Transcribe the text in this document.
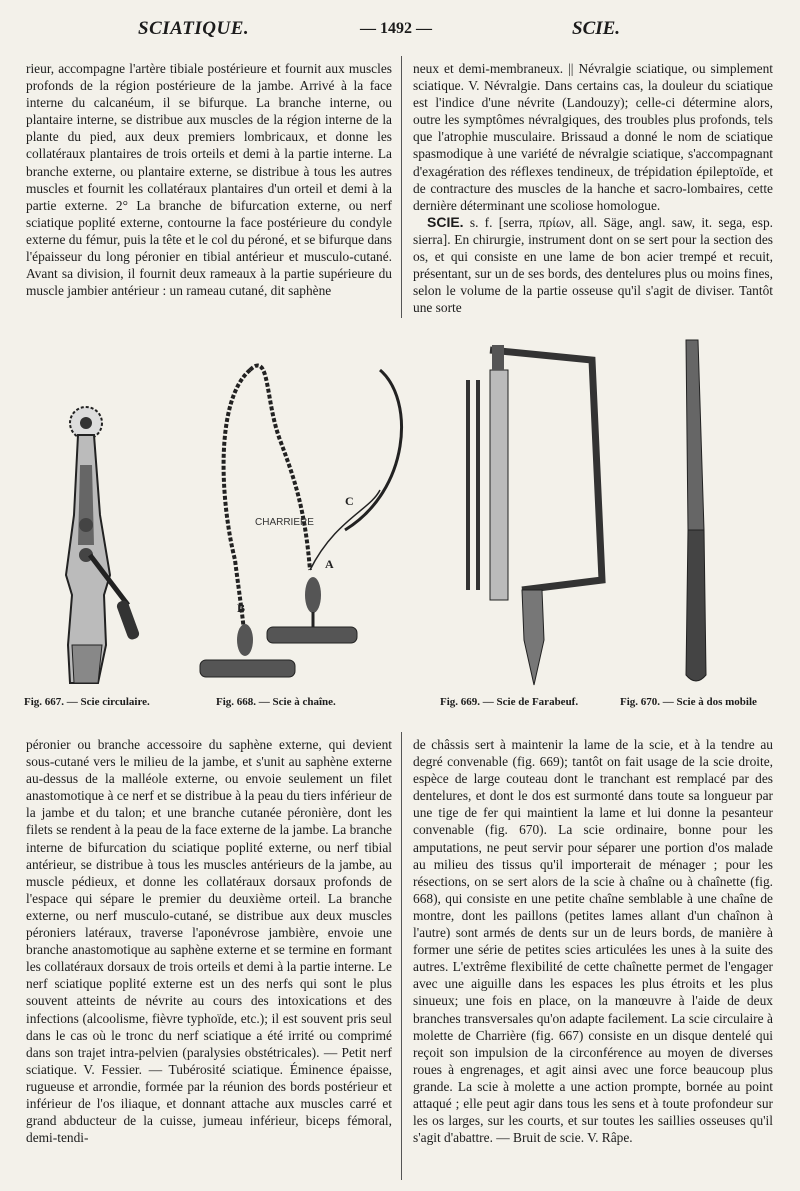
SCIATIQUE.	— 1492 —	SCIE.

rieur, accompagne l'artère tibiale postérieure et fournit aux muscles profonds de la région postérieure de la jambe. Arrivé à la face interne du calcanéum, il se bifurque. La branche interne, ou plantaire interne, se distribue aux muscles de la région interne de la plante du pied, aux deux premiers lombricaux, et donne les collatéraux plantaires de trois orteils et demi à la partie interne. La branche externe, ou plantaire externe, se distribue à tous les autres muscles et fournit les collatéraux plantaires d'un orteil et demi à la partie externe. 2° La branche de bifurcation externe, ou nerf sciatique poplité externe, contourne la face postérieure du condyle externe du fémur, puis la tête et le col du péroné, et se bifurque dans l'épaisseur du long péronier en tibial antérieur et musculo-cutané. Avant sa division, il fournit deux rameaux à la partie supérieure du muscle jambier antérieur : un rameau cutané, dit saphène

neux et demi-membraneux. || Névralgie sciatique, ou simplement sciatique. V. Névralgie. Dans certains cas, la douleur du sciatique est l'indice d'une névrite (Landouzy); celle-ci détermine alors, outre les symptômes névralgiques, des troubles plus profonds, tels que l'atrophie musculaire. Brissaud a donné le nom de sciatique spasmodique à une variété de névralgie sciatique, s'accompagnant d'exagération des réflexes tendineux, de trépidation épileptoïde, et de contracture des muscles de la hanche et sacro-lombaires, cette dernière déterminant une scoliose homologue.

SCIE. s. f. [serra, πρίων, all. Säge, angl. saw, it. sega, esp. sierra]. En chirurgie, instrument dont on se sert pour la section des os, et qui consiste en une lame de bon acier trempé et recuit, présentant, sur un de ses bords, des dentelures plus ou moins fines, selon le volume de la partie osseuse qu'il s'agit de diviser. Tantôt une sorte

CHARRIERE
A
B
C
Fig. 667. — Scie circulaire.	Fig. 668. — Scie à chaîne.	Fig. 669. — Scie de Farabeuf.	Fig. 670. — Scie à dos mobile

péronier ou branche accessoire du saphène externe, qui devient sous-cutané vers le milieu de la jambe, et s'unit au saphène externe au-dessus de la malléole externe, ou envoie seulement un filet anastomotique à ce nerf et se distribue à la peau du tiers inférieur de la jambe et du talon; et une branche cutanée péronière, dont les filets se rendent à la peau de la face externe de la jambe. La branche interne de bifurcation du sciatique poplité externe, ou nerf tibial antérieur, se distribue à tous les muscles antérieurs de la jambe, au muscle pédieux, et donne les collatéraux dorsaux profonds de l'espace qui sépare le premier du deuxième orteil. La branche externe, ou nerf musculo-cutané, se distribue aux deux muscles péroniers latéraux, traverse l'aponévrose jambière, envoie une branche anastomotique au saphène externe et se termine en formant les collatéraux dorsaux de trois orteils et demi à la partie interne. Le nerf sciatique poplité externe est un des nerfs qui sont le plus souvent atteints de névrite au cours des intoxications et des infections (alcoolisme, fièvre typhoïde, etc.); il est souvent pris seul dans le cas où le tronc du nerf sciatique a été irrité ou comprimé dans son trajet intra-pelvien (paralysies obstétricales). — Petit nerf sciatique. V. Fessier. — Tubérosité sciatique. Éminence épaisse, rugueuse et arrondie, formée par la réunion des bords postérieur et inférieur de l'os iliaque, et donnant attache aux muscles carré et grand abducteur de la cuisse, jumeau inférieur, biceps fémoral, demi-tendi-

de châssis sert à maintenir la lame de la scie, et à la tendre au degré convenable (fig. 669); tantôt on fait usage de la scie droite, espèce de large couteau dont le tranchant est remplacé par des dentelures, et dont le dos est surmonté dans toute sa longueur par une tige de fer qui maintient la lame et lui donne la pesanteur convenable (fig. 670). La scie ordinaire, bonne pour les amputations, ne peut servir pour séparer une portion d'os malade au milieu des tissus qu'il importerait de ménager ; pour les résections, on se sert alors de la scie à chaîne ou à chaînette (fig. 668), qui consiste en une petite chaîne semblable à une chaîne de montre, dont les paillons (petites lames allant d'un chaînon à l'autre) sont armés de dents sur un de leurs bords, de manière à former une série de petites scies articulées les unes à la suite des autres. L'extrême flexibilité de cette chaînette permet de l'engager avec une aiguille dans les espaces les plus étroits et les plus sinueux; une fois en place, on la manœuvre à l'aide de deux branches transversales qu'on adapte facilement. La scie circulaire à molette de Charrière (fig. 667) consiste en un disque dentelé qui reçoit son impulsion de la circonférence au moyen de diverses roues à engrenages, et agit ainsi avec une force beaucoup plus grande. La scie à molette a une action prompte, bornée au point attaqué ; elle peut agir dans tous les sens et à toute profondeur sur les os larges, sur les courts, et sur toutes les saillies osseuses qu'il s'agit d'abattre. — Bruit de scie. V. Râpe.
